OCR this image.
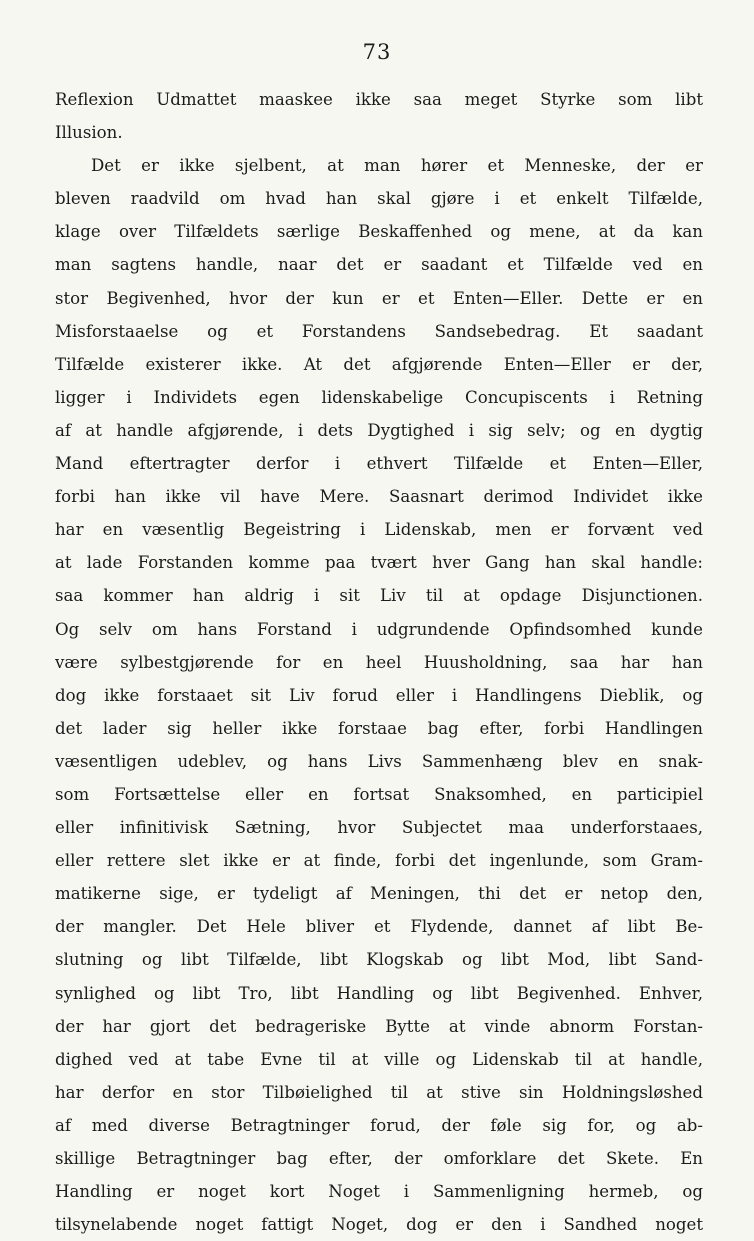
73
Reflexion Udmattet maaskee ikke saa meget Styrke som libt
Illusion.
Det er ikke sjelbent, at man hører et Menneske, der er
bleven raadvild om hvad han skal gjøre i et enkelt Tilfælde,
klage over Tilfældets særlige Beskaffenhed og mene, at da kan
man sagtens handle, naar det er saadant et Tilfælde ved en
stor Begivenhed, hvor der kun er et Enten—Eller. Dette er en
Misforstaaelse og et Forstandens Sandsebedrag. Et saadant
Tilfælde existerer ikke. At det afgjørende Enten—Eller er der,
ligger i Individets egen lidenskabelige Concupiscents i Retning
af at handle afgjørende, i dets Dygtighed i sig selv; og en dygtig
Mand eftertragter derfor i ethvert Tilfælde et Enten—Eller,
forbi han ikke vil have Mere. Saasnart derimod Individet ikke
har en væsentlig Begeistring i Lidenskab, men er forvænt ved
at lade Forstanden komme paa tvært hver Gang han skal handle:
saa kommer han aldrig i sit Liv til at opdage Disjunctionen.
Og selv om hans Forstand i udgrundende Opfindsomhed kunde
være sylbestgjørende for en heel Huusholdning, saa har han
dog ikke forstaaet sit Liv forud eller i Handlingens Dieblik, og
det lader sig heller ikke forstaae bag efter, forbi Handlingen
væsentligen udeblev, og hans Livs Sammenhæng blev en snak-
som Fortsættelse eller en fortsat Snaksomhed, en participiel
eller infinitivisk Sætning, hvor Subjectet maa underforstaaes,
eller rettere slet ikke er at finde, forbi det ingenlunde, som Gram-
matikerne sige, er tydeligt af Meningen, thi det er netop den,
der mangler. Det Hele bliver et Flydende, dannet af libt Be-
slutning og libt Tilfælde, libt Klogskab og libt Mod, libt Sand-
synlighed og libt Tro, libt Handling og libt Begivenhed. Enhver,
der har gjort det bedrageriske Bytte at vinde abnorm Forstan-
dighed ved at tabe Evne til at ville og Lidenskab til at handle,
har derfor en stor Tilbøielighed til at stive sin Holdningsløshed
af med diverse Betragtninger forud, der føle sig for, og ab-
skillige Betragtninger bag efter, der omforklare det Skete. En
Handling er noget kort Noget i Sammenligning hermeb, og
tilsynelabende noget fattigt Noget, dog er den i Sandhed noget
